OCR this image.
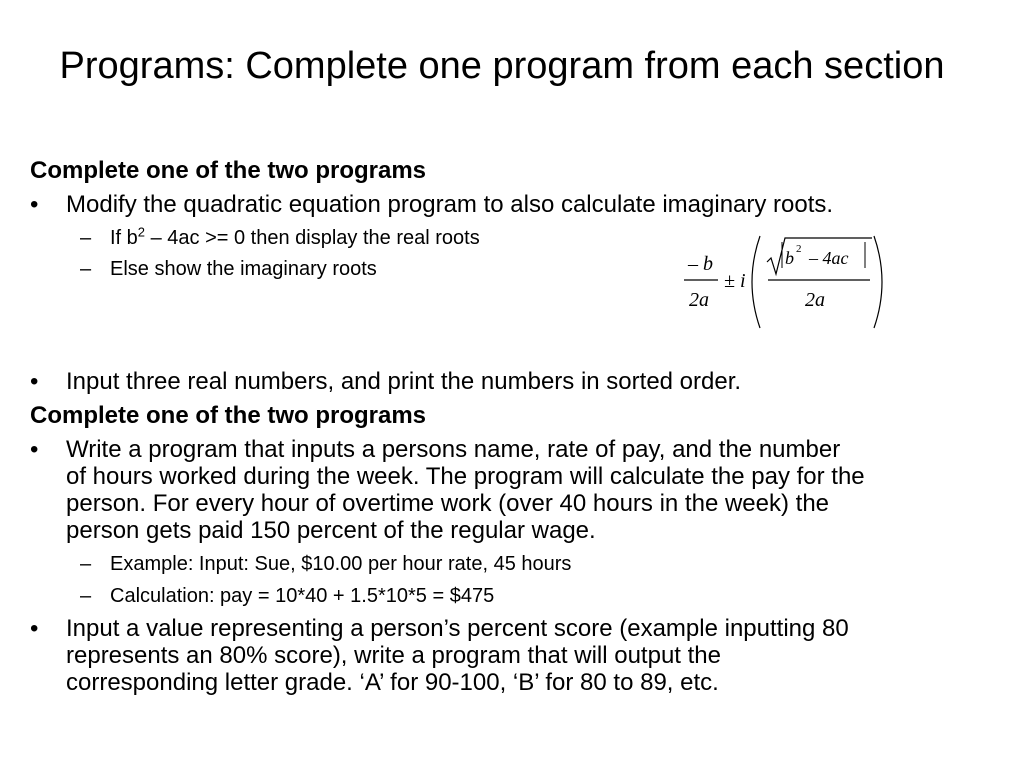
Programs: Complete one program from each section
Complete one of the two programs
• Modify the quadratic equation program to also calculate imaginary roots.
– If $b^2 - 4ac >= 0$ then display the real roots
– Else show the imaginary roots	– b
2a
± i
b 2 – 4ac
2a
• Input three real numbers, and print the numbers in sorted order.
Complete one of the two programs
• Write a program that inputs a persons name, rate of pay, and the number
of hours worked during the week. The program will calculate the pay for the
person. For every hour of overtime work (over 40 hours in the week) the
person gets paid 150 percent of the regular wage.
– Example: Input: Sue, $10.00 per hour rate, 45 hours
– Calculation: pay = 10*40 + 1.5*10*5 = $475
• Input a value representing a person’s percent score (example inputting 80
represents an 80% score), write a program that will output the
corresponding letter grade. ‘A’ for 90-100, ‘B’ for 80 to 89, etc.
